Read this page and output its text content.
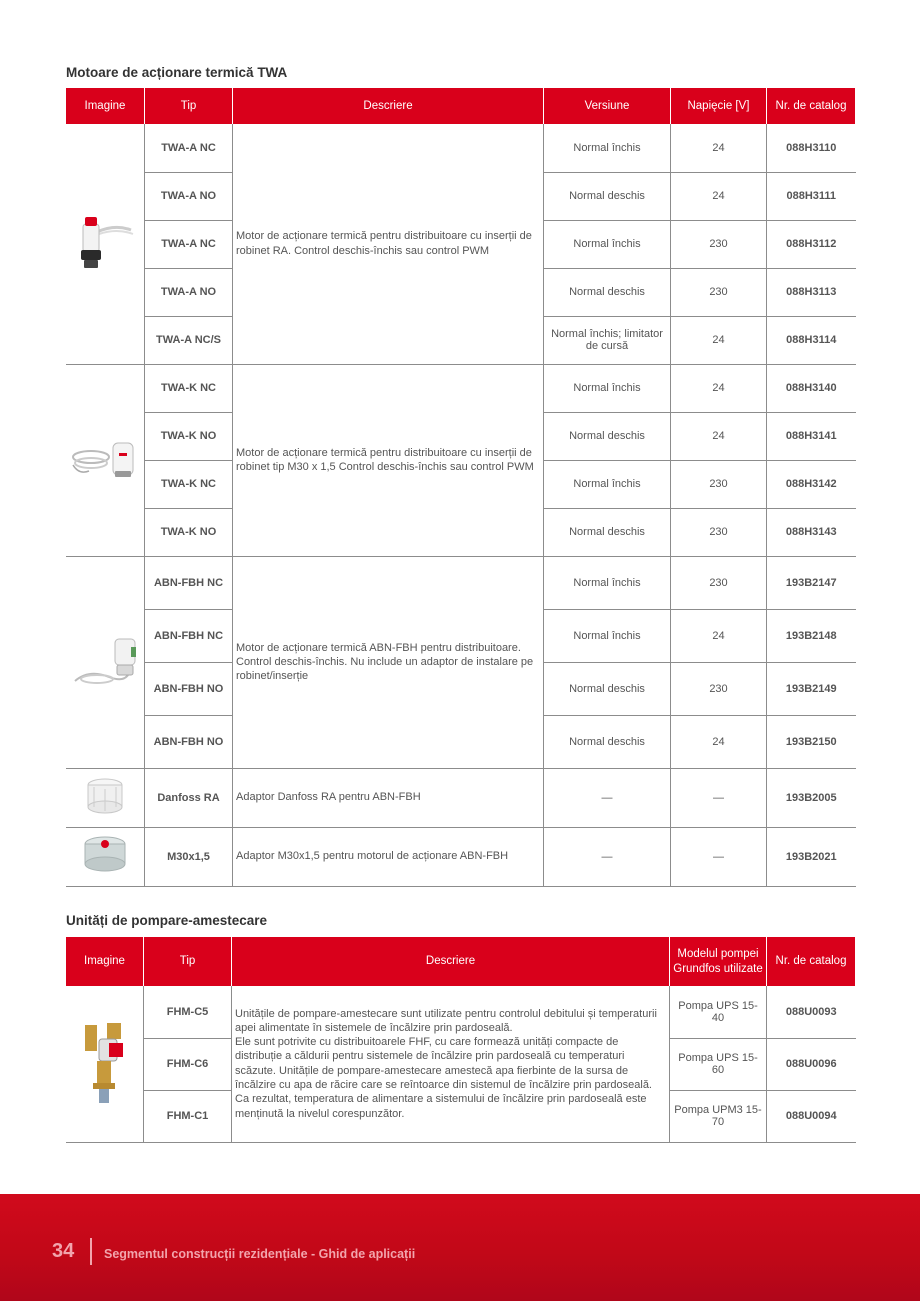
Motoare de acționare termică TWA
Imagine	Tip	Descriere	Versiune	Napięcie [V]	Nr. de catalog
	TWA-A NC	Motor de acționare termică pentru distribuitoare cu inserții de robinet RA. Control deschis-închis sau control PWM	Normal închis	24	088H3110
	TWA-A NO		Normal deschis	24	088H3111
	TWA-A NC		Normal închis	230	088H3112
	TWA-A NO		Normal deschis	230	088H3113
	TWA-A NC/S		Normal închis; limitator de cursă	24	088H3114
	TWA-K NC	Motor de acționare termică pentru distribuitoare cu inserții de robinet tip M30 x 1,5 Control deschis-închis sau control PWM	Normal închis	24	088H3140
	TWA-K NO		Normal deschis	24	088H3141
	TWA-K NC		Normal închis	230	088H3142
	TWA-K NO		Normal deschis	230	088H3143
	ABN-FBH NC	Motor de acționare termică ABN-FBH pentru distribuitoare. Control deschis-închis. Nu include un adaptor de instalare pe robinet/inserție	Normal închis	230	193B2147
	ABN-FBH NC		Normal închis	24	193B2148
	ABN-FBH NO		Normal deschis	230	193B2149
	ABN-FBH NO		Normal deschis	24	193B2150
	Danfoss RA	Adaptor Danfoss RA pentru ABN-FBH	—	—	193B2005
	M30x1,5	Adaptor M30x1,5 pentru motorul de acționare ABN-FBH	—	—	193B2021
Unități de pompare-amestecare
Imagine	Tip	Descriere	Modelul pompei Grundfos utilizate	Nr. de catalog
	FHM-C5	Unitățile de pompare-amestecare sunt utilizate pentru controlul debitului și temperaturii apei alimentate în sistemele de încălzire prin pardoseală.
Ele sunt potrivite cu distribuitoarele FHF, cu care formează unități compacte de distribuție a căldurii pentru sistemele de încălzire prin pardoseală cu temperaturi scăzute. Unitățile de pompare-amestecare amestecă apa fierbinte de la sursa de încălzire cu apa de răcire care se reîntoarce din sistemul de încălzire prin pardoseală. Ca rezultat, temperatura de alimentare a sistemului de încălzire prin pardoseală este menținută la nivelul corespunzător.	Pompa UPS 15-40	088U0093
	FHM-C6		Pompa UPS 15-60	088U0096
	FHM-C1		Pompa UPM3 15-70	088U0094
34 Segmentul construcții rezidențiale - Ghid de aplicații
